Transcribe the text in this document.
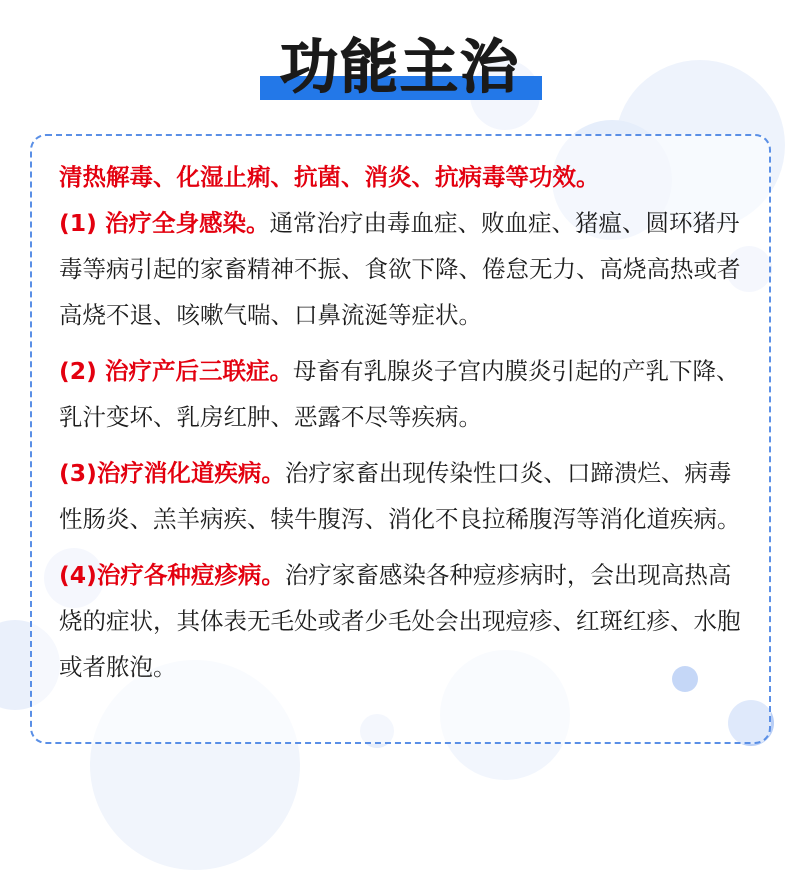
功能主治

清热解毒、化湿止痢、抗菌、消炎、抗病毒等功效。

(1) 治疗全身感染。通常治疗由毒血症、败血症、猪瘟、圆环猪丹毒等病引起的家畜精神不振、食欲下降、倦怠无力、高烧高热或者高烧不退、咳嗽气喘、口鼻流涎等症状。

(2) 治疗产后三联症。母畜有乳腺炎子宫内膜炎引起的产乳下降、乳汁变坏、乳房红肿、恶露不尽等疾病。

(3)治疗消化道疾病。治疗家畜出现传染性口炎、口蹄溃烂、病毒性肠炎、羔羊病疾、犊牛腹泻、消化不良拉稀腹泻等消化道疾病。

(4)治疗各种痘疹病。治疗家畜感染各种痘疹病时，会出现高热高烧的症状，其体表无毛处或者少毛处会出现痘疹、红斑红疹、水胞或者脓泡。
